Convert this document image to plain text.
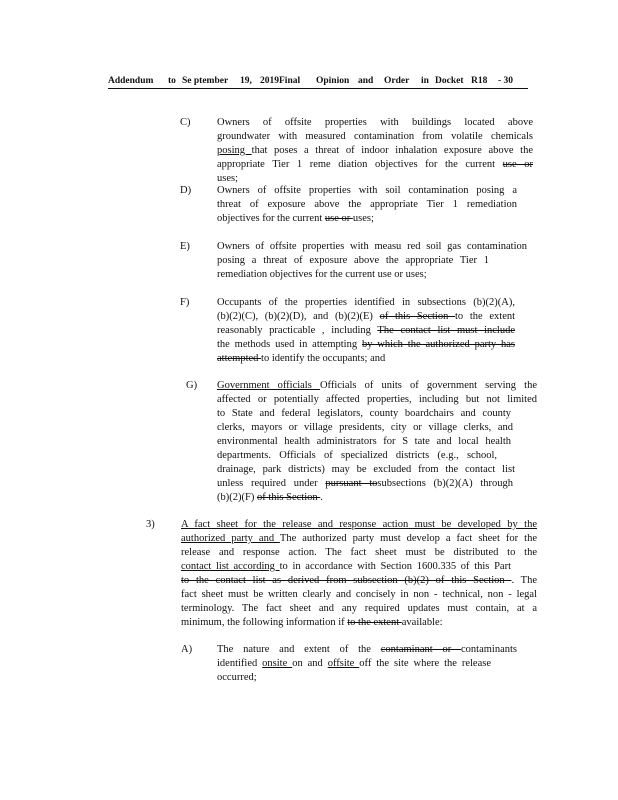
Addendum to Se ptember 19, 2019Final Opinion and Order in Docket R18 - 30
C)	Owners of offsite properties with buildings located above
groundwater with measured contamination from volatile chemicals
posing that poses a threat of indoor inhalation exposure above the
appropriate Tier 1 reme diation objectives for the current use or
uses;
D) Owners of offsite properties with soil contamination posing a
threat of exposure above the appropriate Tier 1 remediation
objectives for the current use or uses;
E)	Owners of offsite properties with measu red soil gas contamination
posing a threat of exposure above the appropriate Tier 1
remediation objectives for the current use or uses;
F)	Occupants of the properties identified in subsections (b)(2)(A),
(b)(2)(C), (b)(2)(D), and (b)(2)(E) of this Section to the extent
reasonably practicable , including The contact list must include
the methods used in attempting by which the authorized party has
attempted to identify the occupants; and
G) Government officials Officials of units of government serving the
affected or potentially affected properties, including but not limited
to State and federal legislators, county boardchairs and county
clerks, mayors or village presidents, city or village clerks, and
environmental health administrators for S tate and local health
departments. Officials of specialized districts (e.g., school,
drainage, park districts) may be excluded from the contact list
unless required under pursuant tosubsections (b)(2)(A) through
(b)(2)(F) of this Section .
3)	A fact sheet for the release and response action must be developed by the
authorized party and The authorized party must develop a fact sheet for the
release and response action. The fact sheet must be distributed to the
contact list according to in accordance with Section 1600.335 of this Part
to the contact list as derived from subsection (b)(2) of this Section . The
fact sheet must be written clearly and concisely in non - technical, non - legal
terminology. The fact sheet and any required updates must contain, at a
minimum, the following information if to the extent available:
A) The nature and extent of the contaminant or contaminants
identified onsite on and offsite off the site where the release
occurred;
